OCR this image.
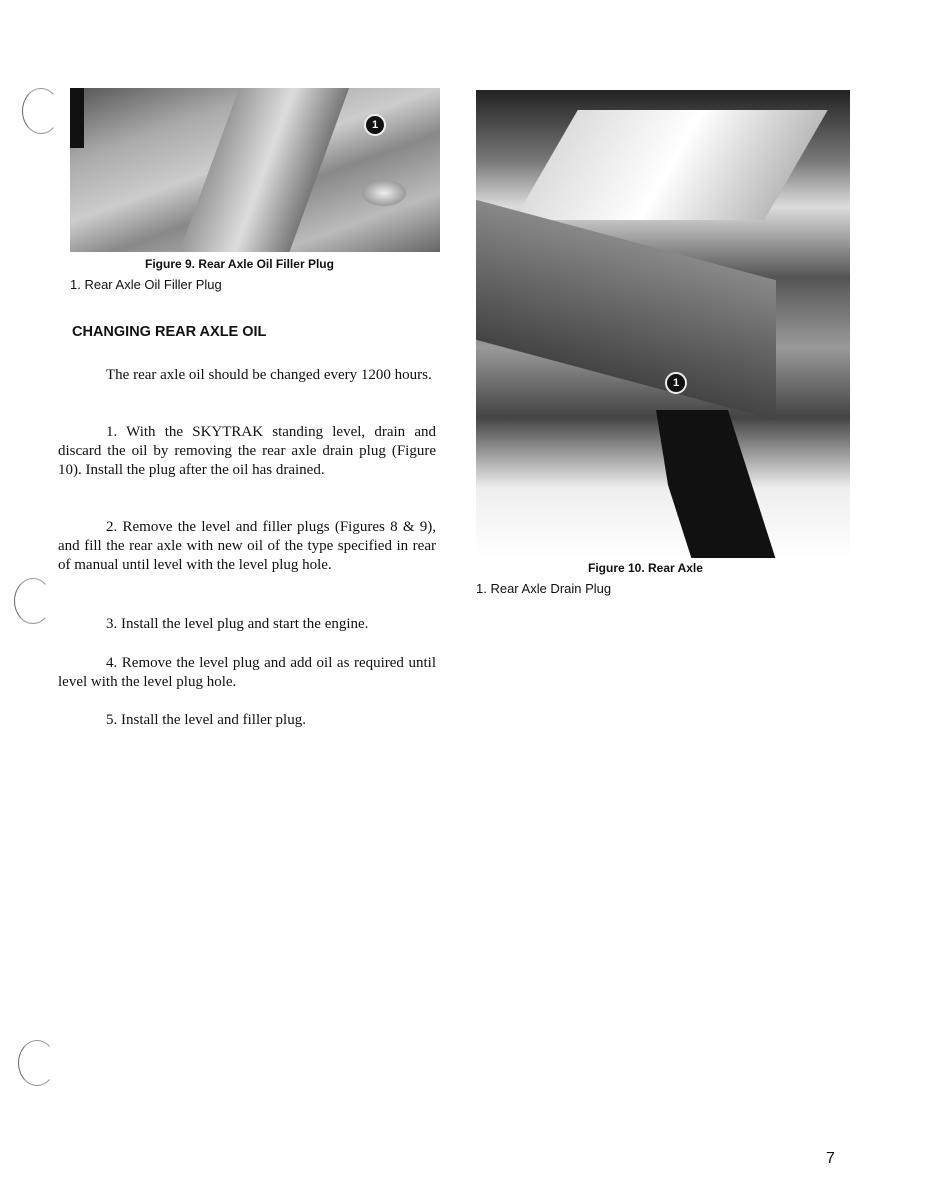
1
Figure 9. Rear Axle Oil Filler Plug
1. Rear Axle Oil Filler Plug
CHANGING REAR AXLE OIL

The rear axle oil should be changed every 1200 hours.

1. With the SKYTRAK standing level, drain and discard the oil by removing the rear axle drain plug (Figure 10). Install the plug after the oil has drained.

2. Remove the level and filler plugs (Figures 8 & 9), and fill the rear axle with new oil of the type specified in rear of manual until level with the level plug hole.

3. Install the level plug and start the engine.

4. Remove the level plug and add oil as required until level with the level plug hole.

5. Install the level and filler plug.

1
Figure 10. Rear Axle
1. Rear Axle Drain Plug
7
